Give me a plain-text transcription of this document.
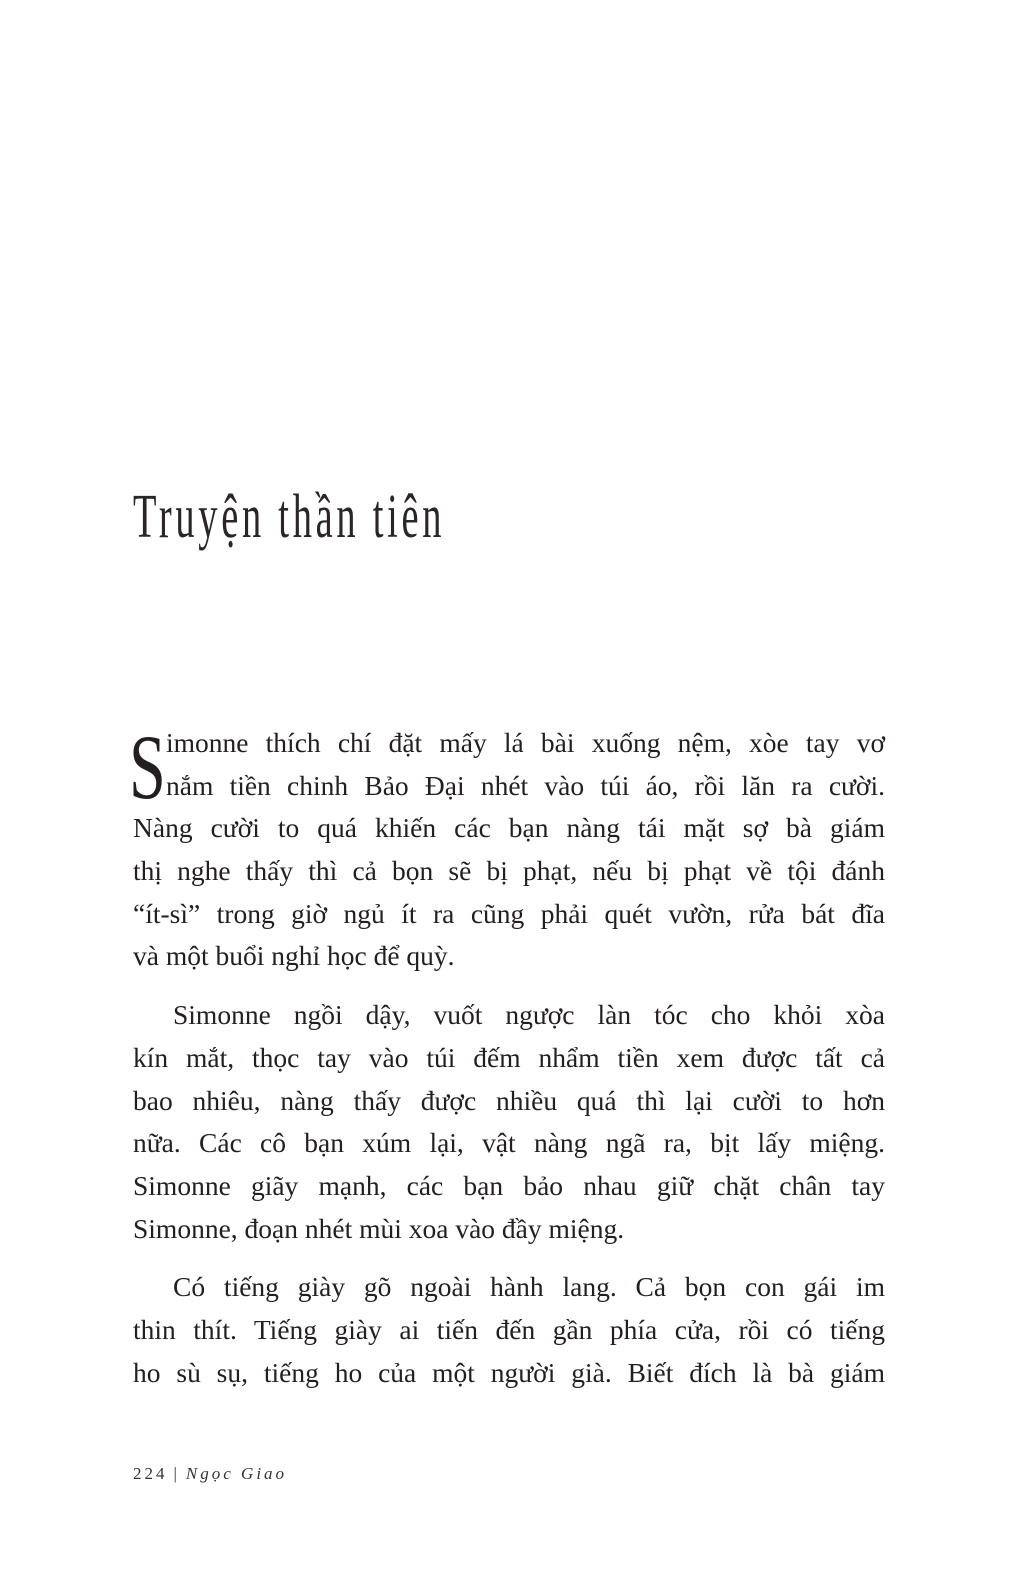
Truyện thần tiên
S imonne thích chí đặt mấy lá bài xuống nệm, xòe tay vơ
nắm tiền chinh Bảo Đại nhét vào túi áo, rồi lăn ra cười.
Nàng cười to quá khiến các bạn nàng tái mặt sợ bà giám
thị nghe thấy thì cả bọn sẽ bị phạt, nếu bị phạt về tội đánh
“ít-sì” trong giờ ngủ ít ra cũng phải quét vườn, rửa bát đĩa
và một buổi nghỉ học để quỳ.
Simonne ngồi dậy, vuốt ngược làn tóc cho khỏi xòa
kín mắt, thọc tay vào túi đếm nhẩm tiền xem được tất cả
bao nhiêu, nàng thấy được nhiều quá thì lại cười to hơn
nữa. Các cô bạn xúm lại, vật nàng ngã ra, bịt lấy miệng.
Simonne giãy mạnh, các bạn bảo nhau giữ chặt chân tay
Simonne, đoạn nhét mùi xoa vào đầy miệng.
Có tiếng giày gõ ngoài hành lang. Cả bọn con gái im
thin thít. Tiếng giày ai tiến đến gần phía cửa, rồi có tiếng
ho sù sụ, tiếng ho của một người già. Biết đích là bà giám
224 | Ngọc Giao
